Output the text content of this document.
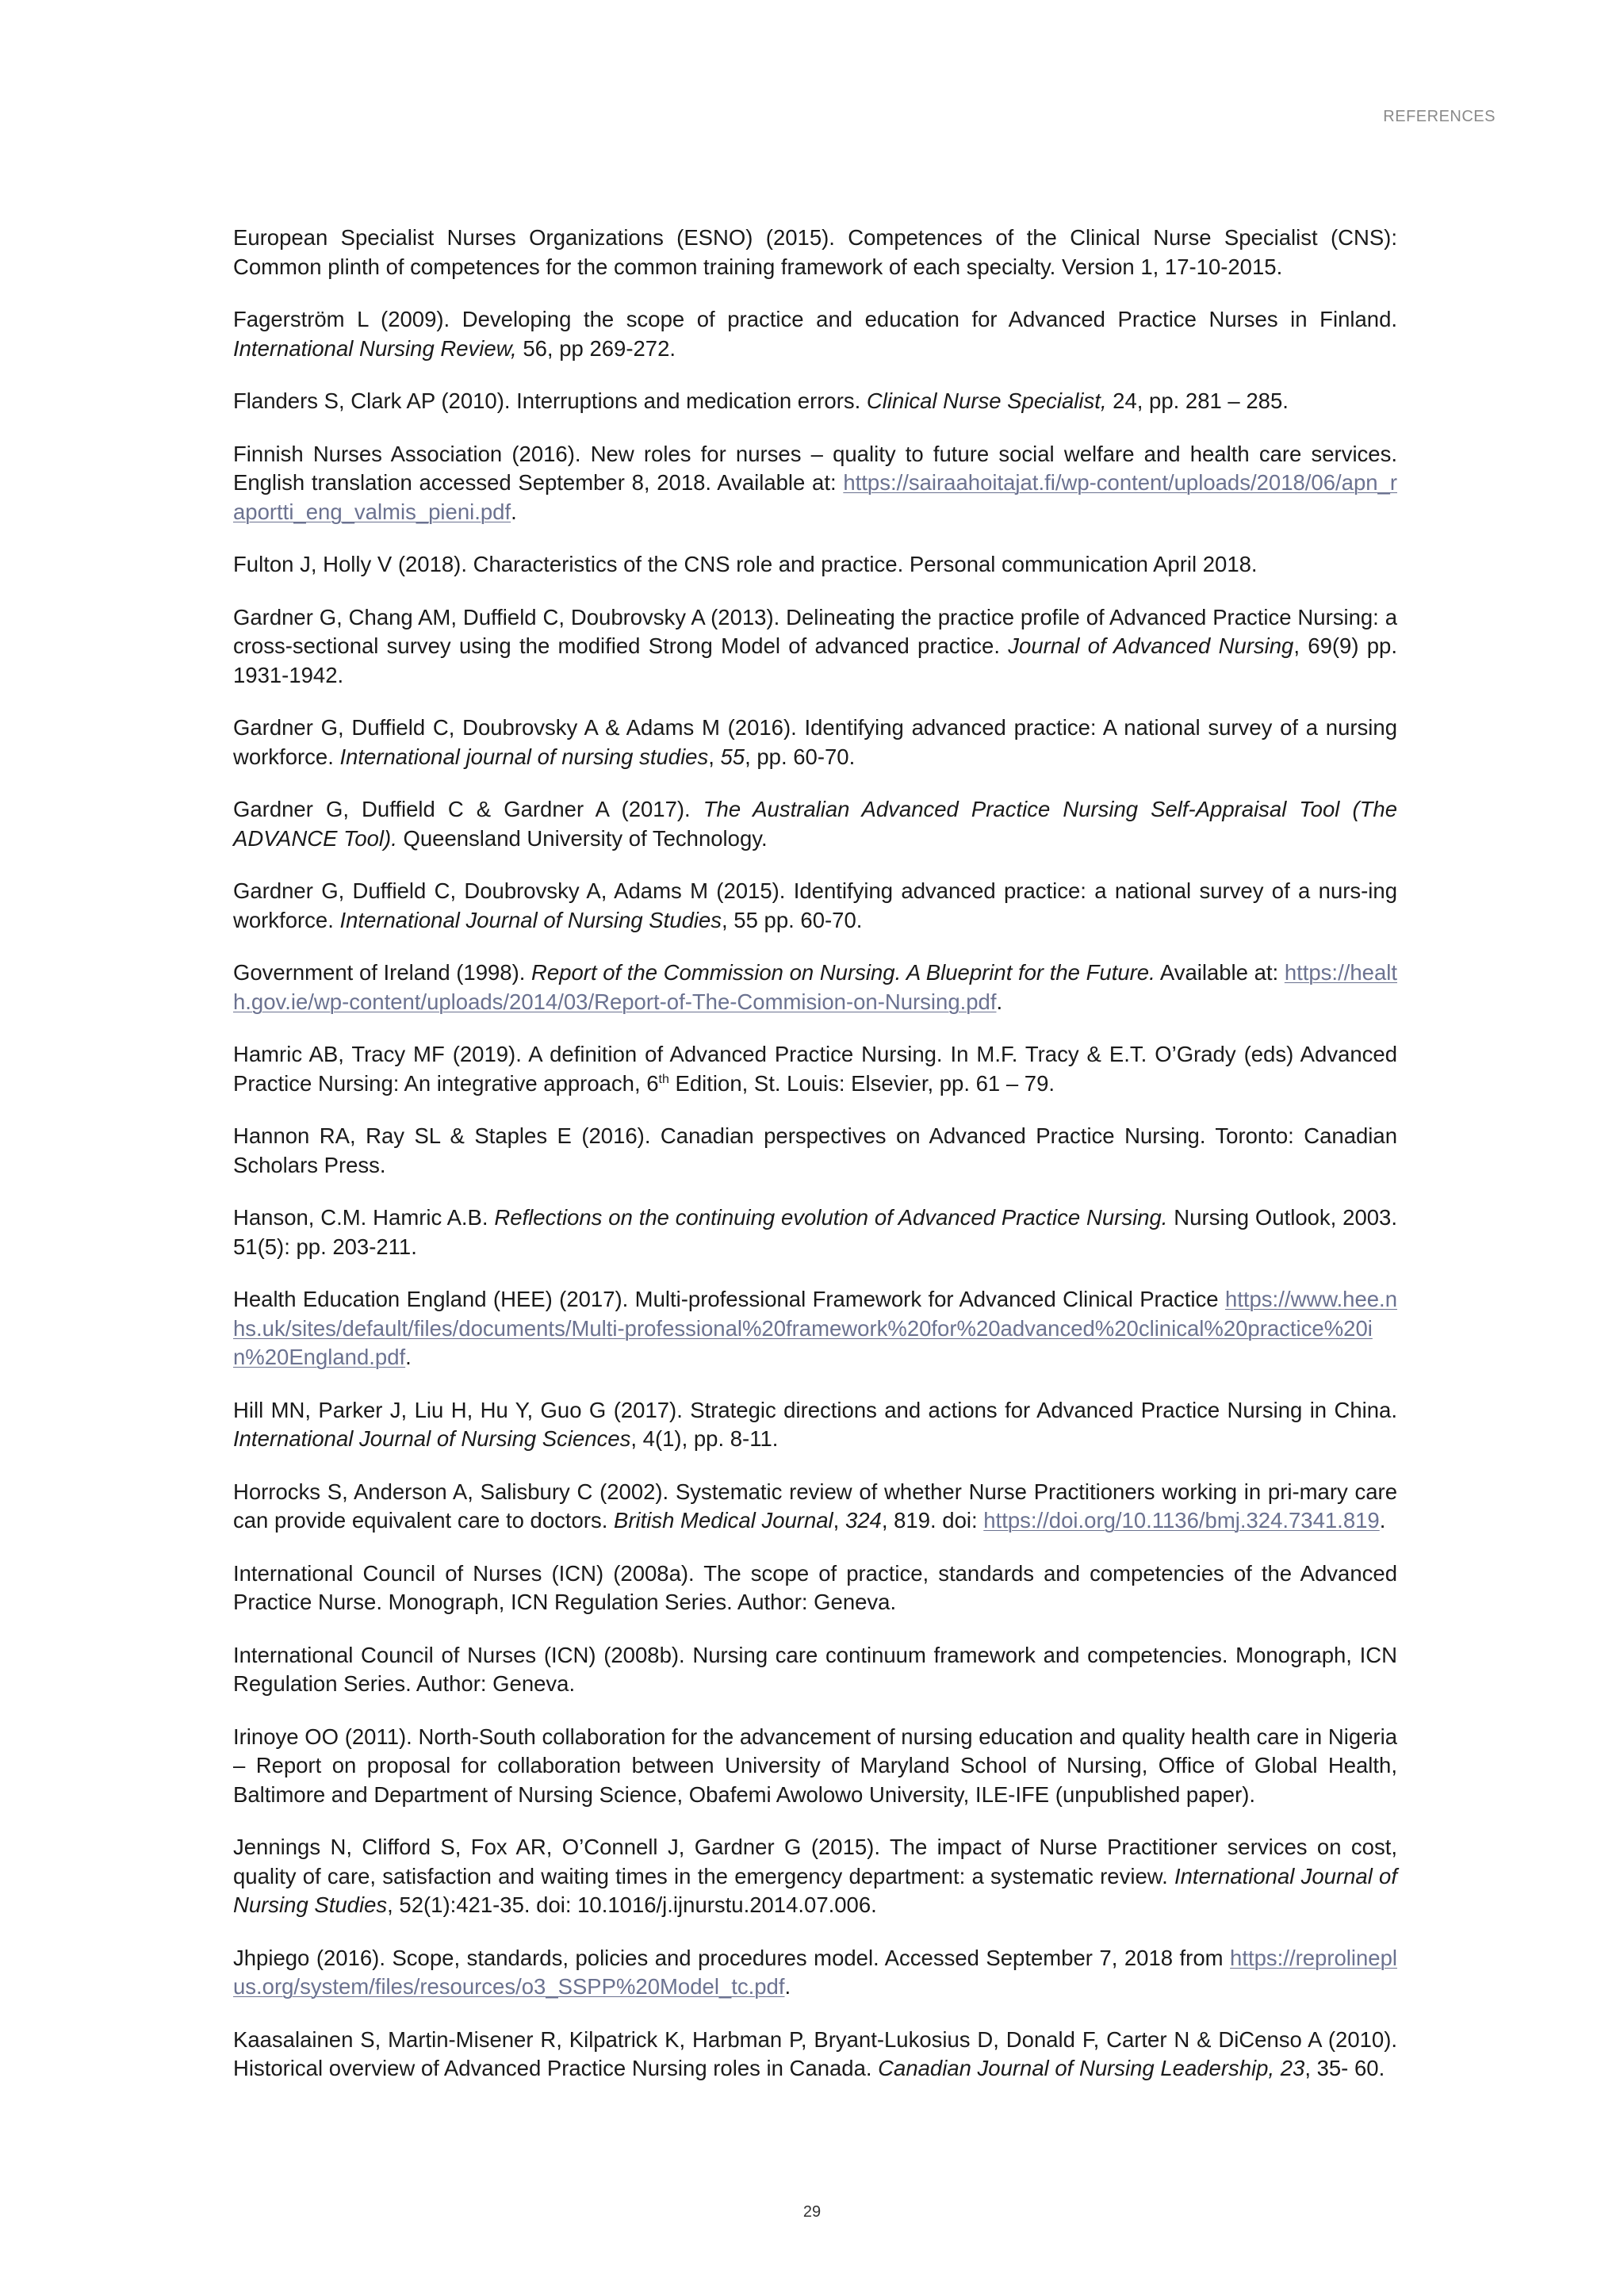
REFERENCES

European Specialist Nurses Organizations (ESNO) (2015). Competences of the Clinical Nurse Specialist (CNS): Common plinth of competences for the common training framework of each specialty. Version 1, 17-10-2015.

Fagerström L (2009). Developing the scope of practice and education for Advanced Practice Nurses in Finland. International Nursing Review, 56, pp 269-272.

Flanders S, Clark AP (2010). Interruptions and medication errors. Clinical Nurse Specialist, 24, pp. 281 – 285.

Finnish Nurses Association (2016). New roles for nurses – quality to future social welfare and health care services. English translation accessed September 8, 2018. Available at: https://sairaahoitajat.fi/wp-content/uploads/2018/06/apn_raportti_eng_valmis_pieni.pdf.

Fulton J, Holly V (2018). Characteristics of the CNS role and practice. Personal communication April 2018.

Gardner G, Chang AM, Duffield C, Doubrovsky A (2013). Delineating the practice profile of Advanced Practice Nursing: a cross-sectional survey using the modified Strong Model of advanced practice. Journal of Advanced Nursing, 69(9) pp. 1931-1942.

Gardner G, Duffield C, Doubrovsky A & Adams M (2016). Identifying advanced practice: A national survey of a nursing workforce. International journal of nursing studies, 55, pp. 60-70.

Gardner G, Duffield C & Gardner A (2017). The Australian Advanced Practice Nursing Self-Appraisal Tool (The ADVANCE Tool). Queensland University of Technology.

Gardner G, Duffield C, Doubrovsky A, Adams M (2015). Identifying advanced practice: a national survey of a nurs-ing workforce. International Journal of Nursing Studies, 55 pp. 60-70.

Government of Ireland (1998). Report of the Commission on Nursing. A Blueprint for the Future. Available at: https://health.gov.ie/wp-content/uploads/2014/03/Report-of-The-Commision-on-Nursing.pdf.

Hamric AB, Tracy MF (2019). A definition of Advanced Practice Nursing. In M.F. Tracy & E.T. O’Grady (eds) Advanced Practice Nursing: An integrative approach, 6th Edition, St. Louis: Elsevier, pp. 61 – 79.

Hannon RA, Ray SL & Staples E (2016). Canadian perspectives on Advanced Practice Nursing. Toronto: Canadian Scholars Press.

Hanson, C.M. Hamric A.B. Reflections on the continuing evolution of Advanced Practice Nursing. Nursing Outlook, 2003. 51(5): pp. 203-211.

Health Education England (HEE) (2017). Multi-professional Framework for Advanced Clinical Practice https://www.hee.nhs.uk/sites/default/files/documents/Multi-professional%20framework%20for%20advanced%20clinical%20practice%20in%20England.pdf.

Hill MN, Parker J, Liu H, Hu Y, Guo G (2017). Strategic directions and actions for Advanced Practice Nursing in China. International Journal of Nursing Sciences, 4(1), pp. 8-11.

Horrocks S, Anderson A, Salisbury C (2002). Systematic review of whether Nurse Practitioners working in pri-mary care can provide equivalent care to doctors. British Medical Journal, 324, 819. doi: https://doi.org/10.1136/bmj.324.7341.819.

International Council of Nurses (ICN) (2008a). The scope of practice, standards and competencies of the Advanced Practice Nurse. Monograph, ICN Regulation Series. Author: Geneva.

International Council of Nurses (ICN) (2008b). Nursing care continuum framework and competencies. Monograph, ICN Regulation Series. Author: Geneva.

Irinoye OO (2011). North-South collaboration for the advancement of nursing education and quality health care in Nigeria – Report on proposal for collaboration between University of Maryland School of Nursing, Office of Global Health, Baltimore and Department of Nursing Science, Obafemi Awolowo University, ILE-IFE (unpublished paper).

Jennings N, Clifford S, Fox AR, O’Connell J, Gardner G (2015). The impact of Nurse Practitioner services on cost, quality of care, satisfaction and waiting times in the emergency department: a systematic review. International Journal of Nursing Studies, 52(1):421-35. doi: 10.1016/j.ijnurstu.2014.07.006.

Jhpiego (2016). Scope, standards, policies and procedures model. Accessed September 7, 2018 from https://reprolineplus.org/system/files/resources/o3_SSPP%20Model_tc.pdf.

Kaasalainen S, Martin-Misener R, Kilpatrick K, Harbman P, Bryant-Lukosius D, Donald F, Carter N & DiCenso A (2010). Historical overview of Advanced Practice Nursing roles in Canada. Canadian Journal of Nursing Leadership, 23, 35- 60.

29
